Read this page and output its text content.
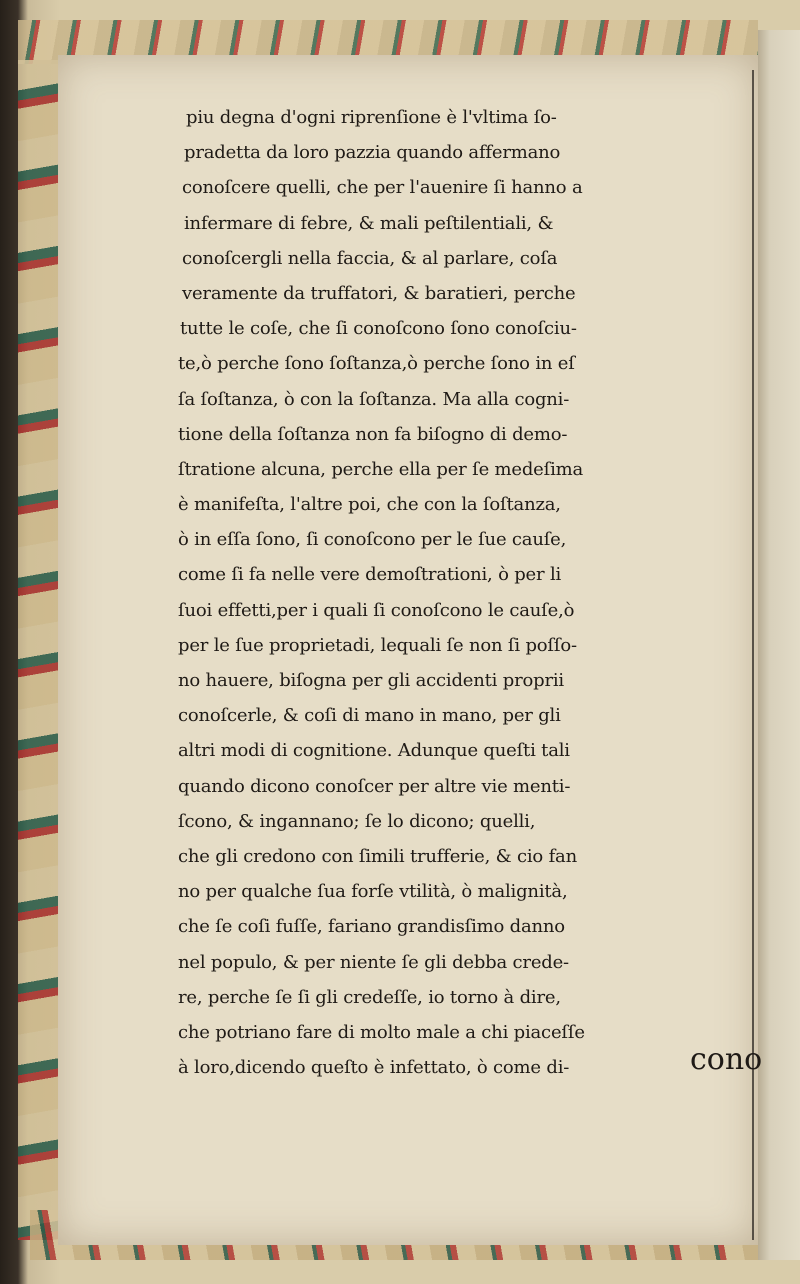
piu degna d'ogni riprenſione è l'vltima ſo-
pradetta da loro pazzia quando affermano
conoſcere quelli, che per l'auenire ſi hanno a
infermare di febre, & mali peſtilentiali, &
conoſcergli nella faccia, & al parlare, coſa
veramente da truffatori, & baratieri, perche
tutte le coſe, che ſi conoſcono ſono conoſciu-
te,ò perche ſono ſoſtanza,ò perche ſono in eſ
ſa ſoſtanza, ò con la ſoſtanza. Ma alla cogni-
tione della ſoſtanza non fa biſogno di demo-
ſtratione alcuna, perche ella per ſe medeſima
è manifeſta, l'altre poi, che con la ſoſtanza,
ò in eſſa ſono, ſi conoſcono per le ſue cauſe,
come ſi fa nelle vere demoſtrationi, ò per li
ſuoi effetti,per i quali ſi conoſcono le cauſe,ò
per le ſue proprietadi, lequali ſe non ſi poſſo-
no hauere, biſogna per gli accidenti proprii
conoſcerle, & coſi di mano in mano, per gli
altri modi di cognitione. Adunque queſti tali
quando dicono conoſcer per altre vie menti-
ſcono, & ingannano; ſe lo dicono; quelli,
che gli credono con ſimili trufferie, & cio fan
no per qualche ſua forſe vtilità, ò malignità,
che ſe coſi fuſſe, fariano grandisſimo danno
nel populo, & per niente ſe gli debba crede-
re, perche ſe ſi gli credeſſe, io torno à dire,
che potriano fare di molto male a chi piaceſſe
à loro,dicendo queſto è infettato, ò come di-	cono
